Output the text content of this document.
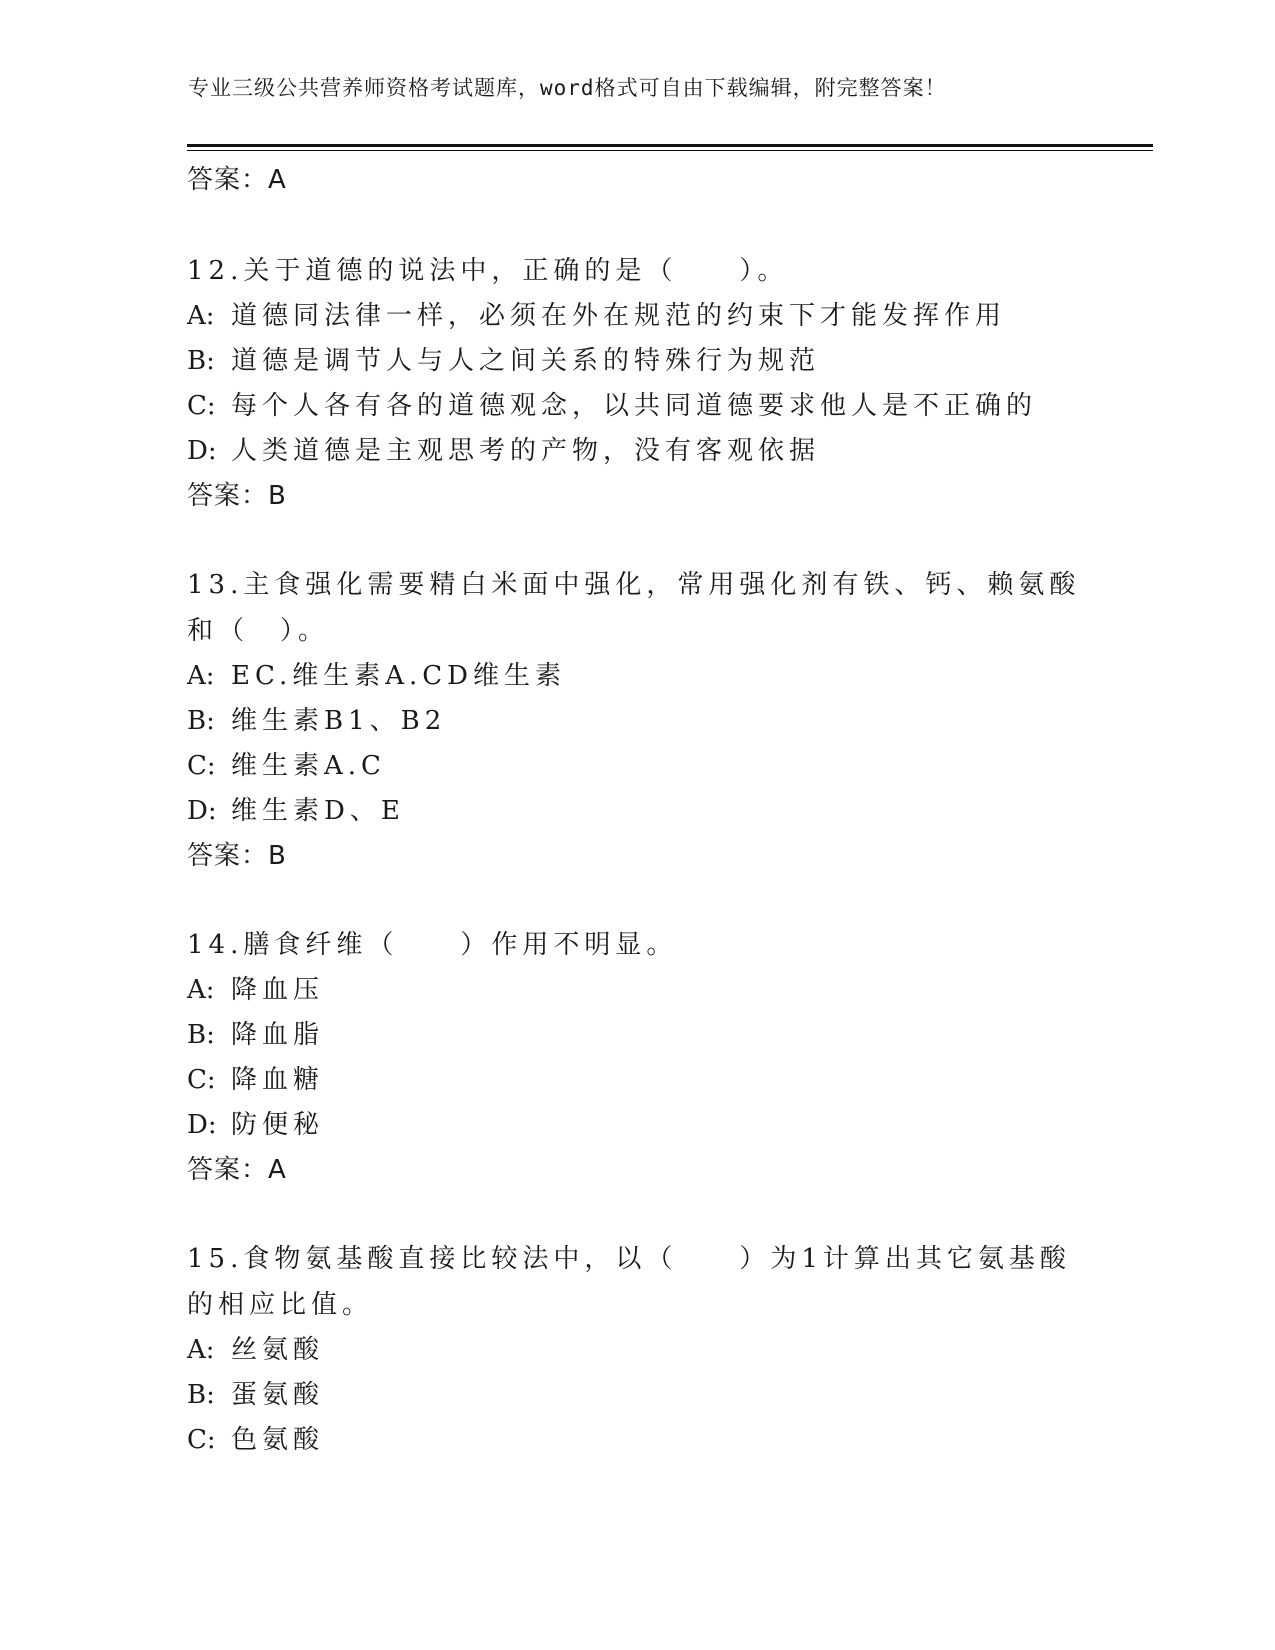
专业三级公共营养师资格考试题库，word格式可自由下载编辑，附完整答案！
答案：A
12.关于道德的说法中，正确的是（　　）。
A: 道德同法律一样，必须在外在规范的约束下才能发挥作用
B: 道德是调节人与人之间关系的特殊行为规范
C: 每个人各有各的道德观念，以共同道德要求他人是不正确的
D: 人类道德是主观思考的产物，没有客观依据
答案：B
13.主食强化需要精白米面中强化，常用强化剂有铁、钙、赖氨酸和（　）。
A: EC.维生素A.CD维生素
B: 维生素B1、B2
C: 维生素A.C
D: 维生素D、E
答案：B
14.膳食纤维（　　）作用不明显。
A: 降血压
B: 降血脂
C: 降血糖
D: 防便秘
答案：A
15.食物氨基酸直接比较法中，以（　　）为1计算出其它氨基酸的相应比值。
A: 丝氨酸
B: 蛋氨酸
C: 色氨酸
